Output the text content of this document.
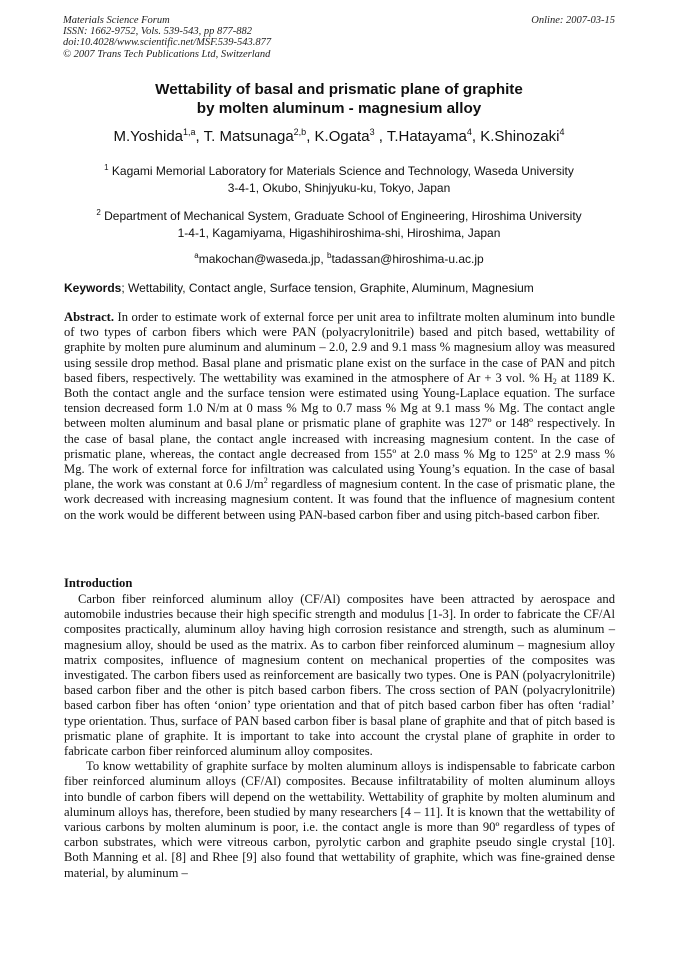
Materials Science Forum
ISSN: 1662-9752, Vols. 539-543, pp 877-882
doi:10.4028/www.scientific.net/MSF.539-543.877
© 2007 Trans Tech Publications Ltd, Switzerland
Online: 2007-03-15
Wettability of basal and prismatic plane of graphite
by molten aluminum - magnesium alloy
M.Yoshida$^{1,a}$, T. Matsunaga$^{2,b}$, K.Ogata$^3$ , T.Hatayama$^4$, K.Shinozaki$^4$
$^1$ Kagami Memorial Laboratory for Materials Science and Technology, Waseda University
3-4-1, Okubo, Shinjyuku-ku, Tokyo, Japan
$^2$ Department of Mechanical System, Graduate School of Engineering, Hiroshima University
1-4-1, Kagamiyama, Higashihiroshima-shi, Hiroshima, Japan
$^a$makochan@waseda.jp, $^b$tadassan@hiroshima-u.ac.jp
Keywords; Wettability, Contact angle, Surface tension, Graphite, Aluminum, Magnesium
Abstract. In order to estimate work of external force per unit area to infiltrate molten aluminum into bundle of two types of carbon fibers which were PAN (polyacrylonitrile) based and pitch based, wettability of graphite by molten pure aluminum and aluminum – 2.0, 2.9 and 9.1 mass % magnesium alloy was measured using sessile drop method. Basal plane and prismatic plane exist on the surface in the case of PAN and pitch based fibers, respectively. The wettability was examined in the atmosphere of Ar + 3 vol. % $H_2$ at 1189 K. Both the contact angle and the surface tension were estimated using Young-Laplace equation. The surface tension decreased form 1.0 N/m at 0 mass % Mg to 0.7 mass % Mg at 9.1 mass % Mg. The contact angle between molten aluminum and basal plane or prismatic plane of graphite was 127º or 148º respectively. In the case of basal plane, the contact angle increased with increasing magnesium content. In the case of prismatic plane, whereas, the contact angle decreased from 155º at 2.0 mass % Mg to 125º at 2.9 mass % Mg. The work of external force for infiltration was calculated using Young’s equation. In the case of basal plane, the work was constant at 0.6 $J/m^2$ regardless of magnesium content. In the case of prismatic plane, the work decreased with increasing magnesium content. It was found that the influence of magnesium content on the work would be different between using PAN-based carbon fiber and using pitch-based carbon fiber.
Introduction

Carbon fiber reinforced aluminum alloy (CF/Al) composites have been attracted by aerospace and automobile industries because their high specific strength and modulus [1-3]. In order to fabricate the CF/Al composites practically, aluminum alloy having high corrosion resistance and strength, such as aluminum – magnesium alloy, should be used as the matrix. As to carbon fiber reinforced aluminum – magnesium alloy matrix composites, influence of magnesium content on mechanical properties of the composites was investigated. The carbon fibers used as reinforcement are basically two types. One is PAN (polyacrylonitrile) based carbon fiber and the other is pitch based carbon fibers. The cross section of PAN (polyacrylonitrile) based carbon fiber has often ‘onion’ type orientation and that of pitch based carbon fiber has often ‘radial’ type orientation. Thus, surface of PAN based carbon fiber is basal plane of graphite and that of pitch based is prismatic plane of graphite. It is important to take into account the crystal plane of graphite in order to fabricate carbon fiber reinforced aluminum alloy composites.

To know wettability of graphite surface by molten aluminum alloys is indispensable to fabricate carbon fiber reinforced aluminum alloys (CF/Al) composites. Because infiltratability of molten aluminum alloys into bundle of carbon fibers will depend on the wettability. Wettability of graphite by molten aluminum and aluminum alloys has, therefore, been studied by many researchers [4 – 11]. It is known that the wettability of various carbons by molten aluminum is poor, i.e. the contact angle is more than 90º regardless of types of carbon substrates, which were vitreous carbon, pyrolytic carbon and graphite pseudo single crystal [10]. Both Manning et al. [8] and Rhee [9] also found that wettability of graphite, which was fine-grained dense material, by aluminum –
